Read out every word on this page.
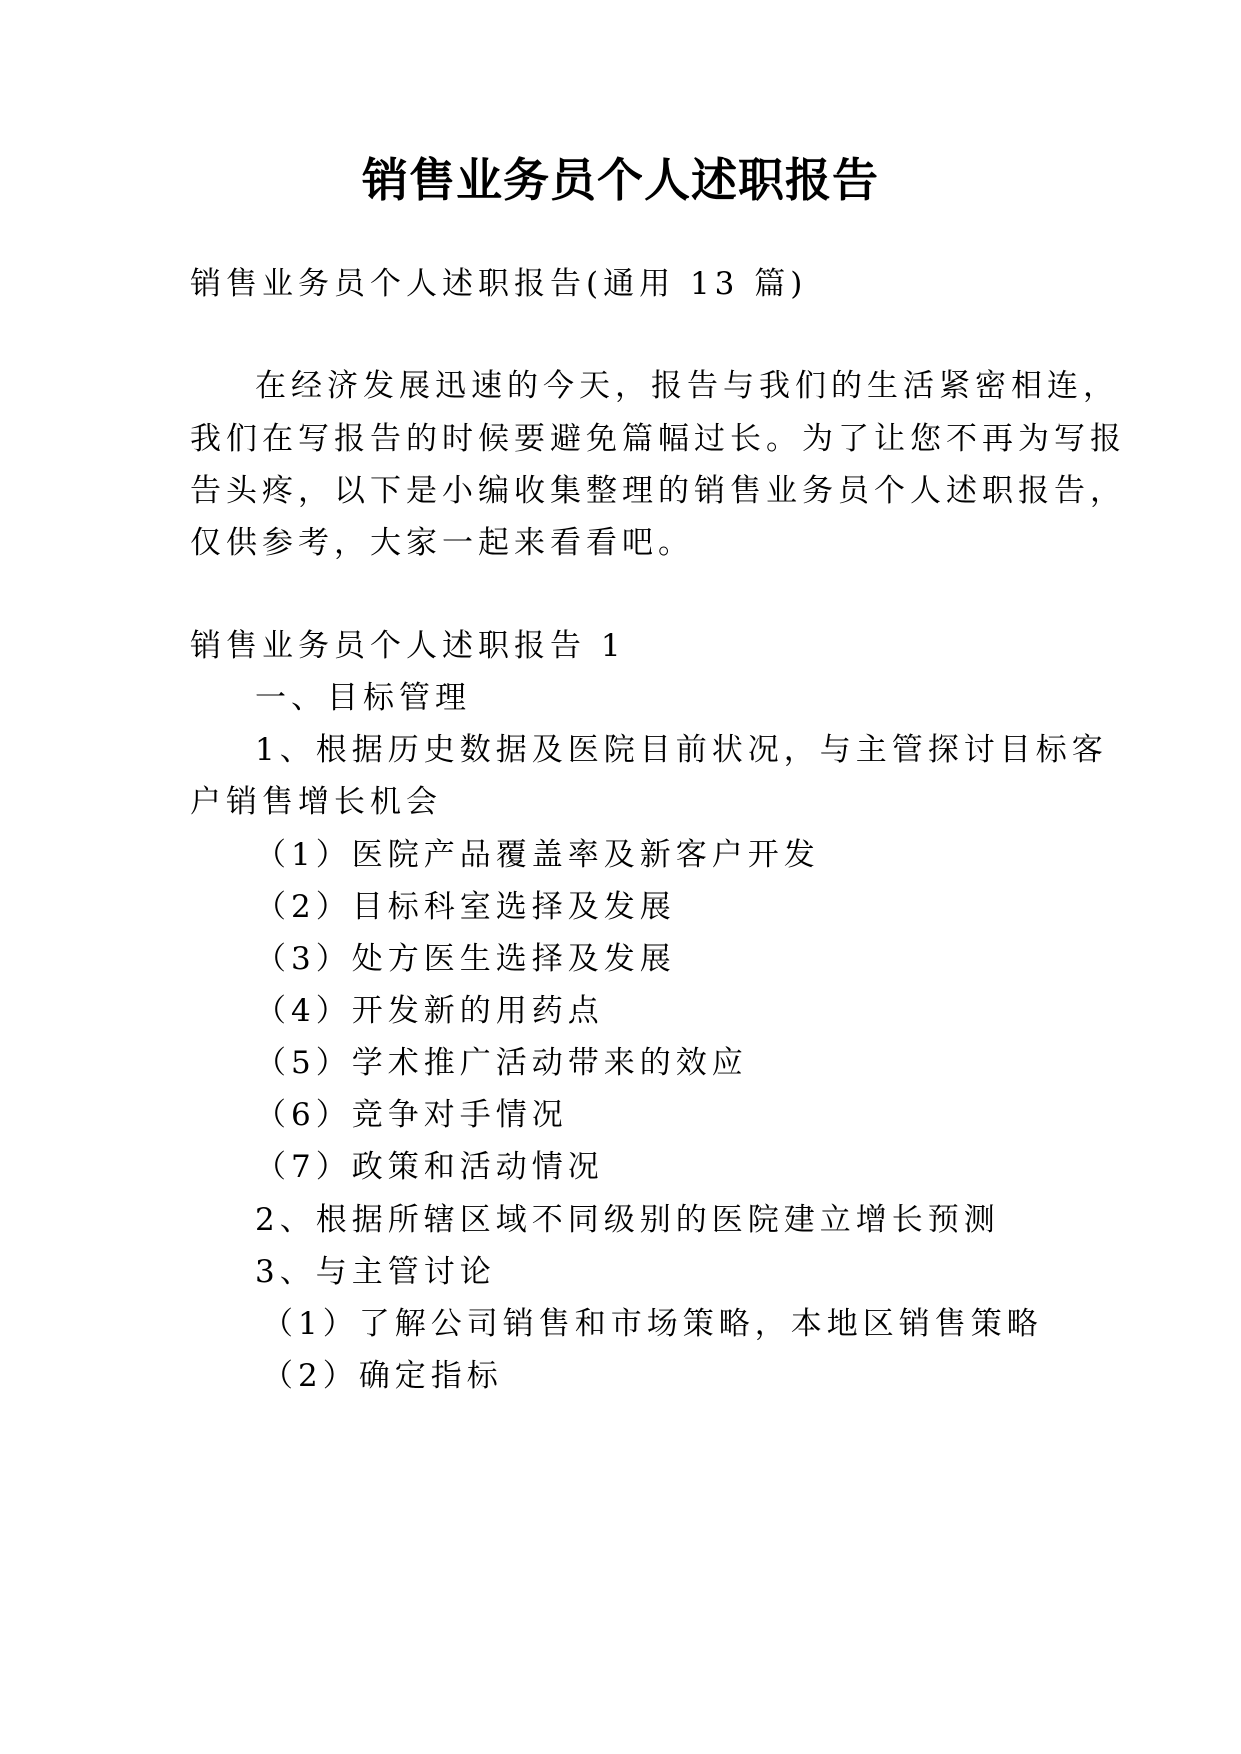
销售业务员个人述职报告
销售业务员个人述职报告(通用 13 篇)
在经济发展迅速的今天，报告与我们的生活紧密相连，
我们在写报告的时候要避免篇幅过长。为了让您不再为写报
告头疼，以下是小编收集整理的销售业务员个人述职报告，
仅供参考，大家一起来看看吧。
销售业务员个人述职报告 1
一、目标管理
1、根据历史数据及医院目前状况，与主管探讨目标客
户销售增长机会
（1）医院产品覆盖率及新客户开发
（2）目标科室选择及发展
（3）处方医生选择及发展
（4）开发新的用药点
（5）学术推广活动带来的效应
（6）竞争对手情况
（7）政策和活动情况
2、根据所辖区域不同级别的医院建立增长预测
3、与主管讨论
（1）了解公司销售和市场策略，本地区销售策略
（2）确定指标
